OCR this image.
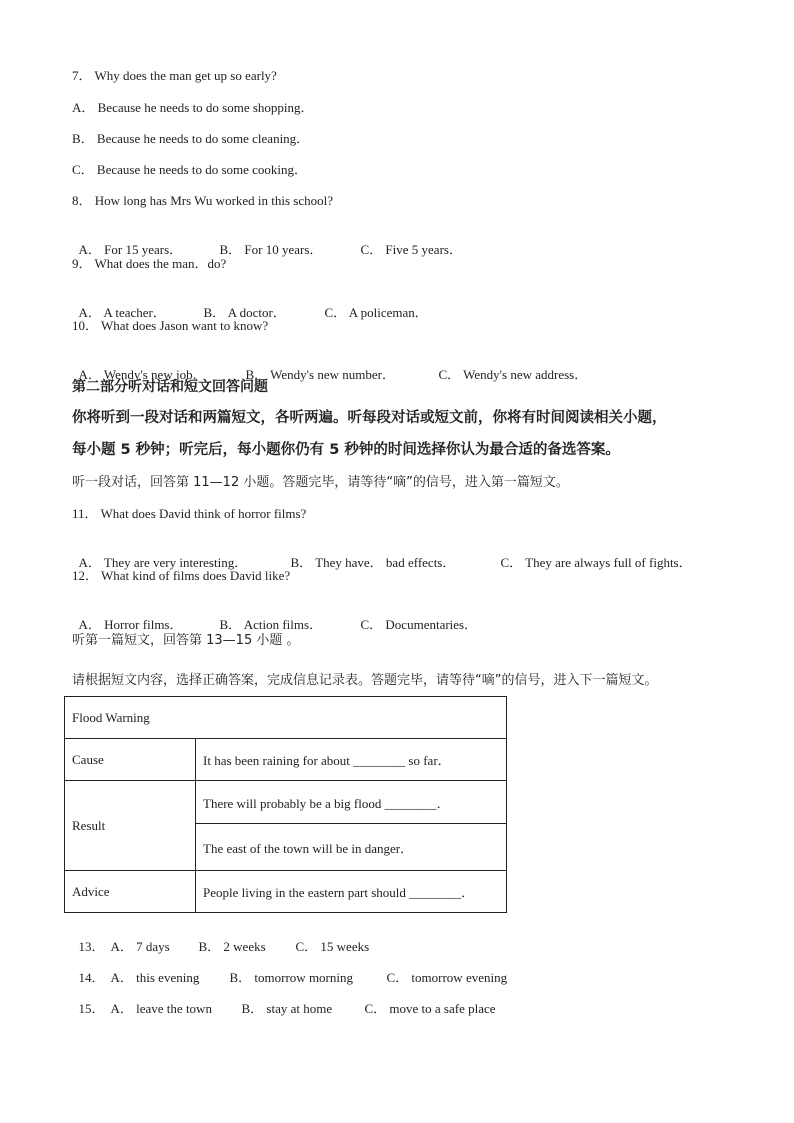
7． Why does the man get up so early?
A． Because he needs to do some shopping．
B． Because he needs to do some cleaning．
C． Because he needs to do some cooking．
8． How long has Mrs Wu worked in this school?

A． For 15 years．	B． For 10 years．	C． Five 5 years．

9． What does the man．do?

A． A teacher．	B． A doctor．	C． A policeman．

10． What does Jason want to know?

A． Wendy's new job．	B． Wendy's new number．	C． Wendy's new address．

第二部分听对话和短文回答问题
你将听到一段对话和两篇短文，各听两遍。听每段对话或短文前，你将有时间阅读相关小题，
每小题 5 秒钟；听完后，每小题你仍有 5 秒钟的时间选择你认为最合适的备选答案。
听一段对话，回答第 11—12 小题。答题完毕，请等待“嘀”的信号，进入第一篇短文。
11． What does David think of horror films?

A． They are very interesting．	B． They have． bad effects．	C． They are always full of fights．

12． What kind of films does David like?

A． Horror films．	B． Action films．	C． Documentaries．

听第一篇短文，回答第 13—15 小题 。
请根据短文内容，选择正确答案，完成信息记录表。答题完毕，请等待“嘀”的信号，进入下一篇短文。
Flood Warning	
Cause	It has been raining for about ________ so far．
Result	There will probably be a big flood ________．
	The east of the town will be in danger．
Advice	People living in the eastern part should ________．

13． A． 7 days B． 2 weeks C． 15 weeks

14． A． this evening B． tomorrow morning	C． tomorrow evening

15． A． leave the town B． stay at home C． move to a safe place
